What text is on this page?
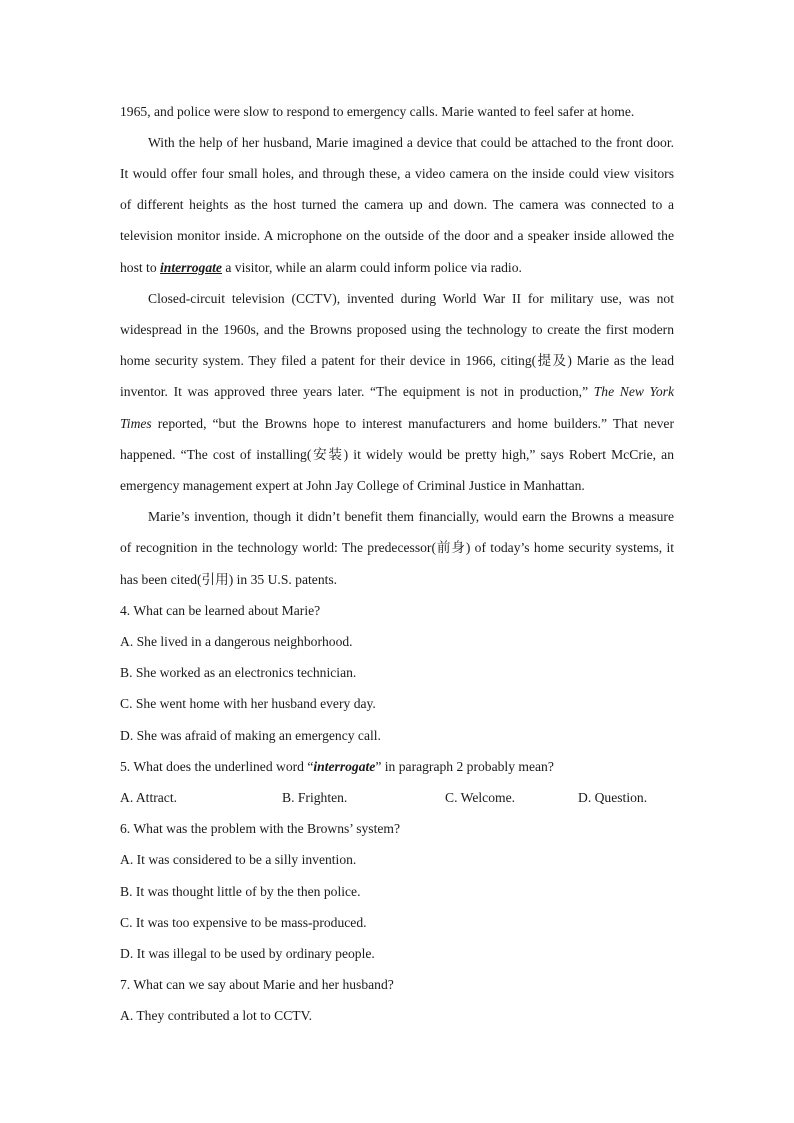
1965, and police were slow to respond to emergency calls. Marie wanted to feel safer at home.
With the help of her husband, Marie imagined a device that could be attached to the front door.
It would offer four small holes, and through these, a video camera on the inside could view visitors
of different heights as the host turned the camera up and down. The camera was connected to a
television monitor inside. A microphone on the outside of the door and a speaker inside allowed the
host to interrogate a visitor, while an alarm could inform police via radio.
Closed-circuit television (CCTV), invented during World War II for military use, was not
widespread in the 1960s, and the Browns proposed using the technology to create the first modern
home security system. They filed a patent for their device in 1966, citing(提及) Marie as the lead
inventor. It was approved three years later. “The equipment is not in production,” The New York
Times reported, “but the Browns hope to interest manufacturers and home builders.” That never
happened. “The cost of installing(安装) it widely would be pretty high,” says Robert McCrie, an
emergency management expert at John Jay College of Criminal Justice in Manhattan.
Marie’s invention, though it didn’t benefit them financially, would earn the Browns a measure
of recognition in the technology world: The predecessor(前身) of today’s home security systems, it
has been cited(引用) in 35 U.S. patents.
4. What can be learned about Marie?
A. She lived in a dangerous neighborhood.
B. She worked as an electronics technician.
C. She went home with her husband every day.
D. She was afraid of making an emergency call.
5. What does the underlined word “interrogate” in paragraph 2 probably mean?
A. Attract.	B. Frighten.	C. Welcome.	D. Question.
6. What was the problem with the Browns’ system?
A. It was considered to be a silly invention.
B. It was thought little of by the then police.
C. It was too expensive to be mass-produced.
D. It was illegal to be used by ordinary people.
7. What can we say about Marie and her husband?
A. They contributed a lot to CCTV.
